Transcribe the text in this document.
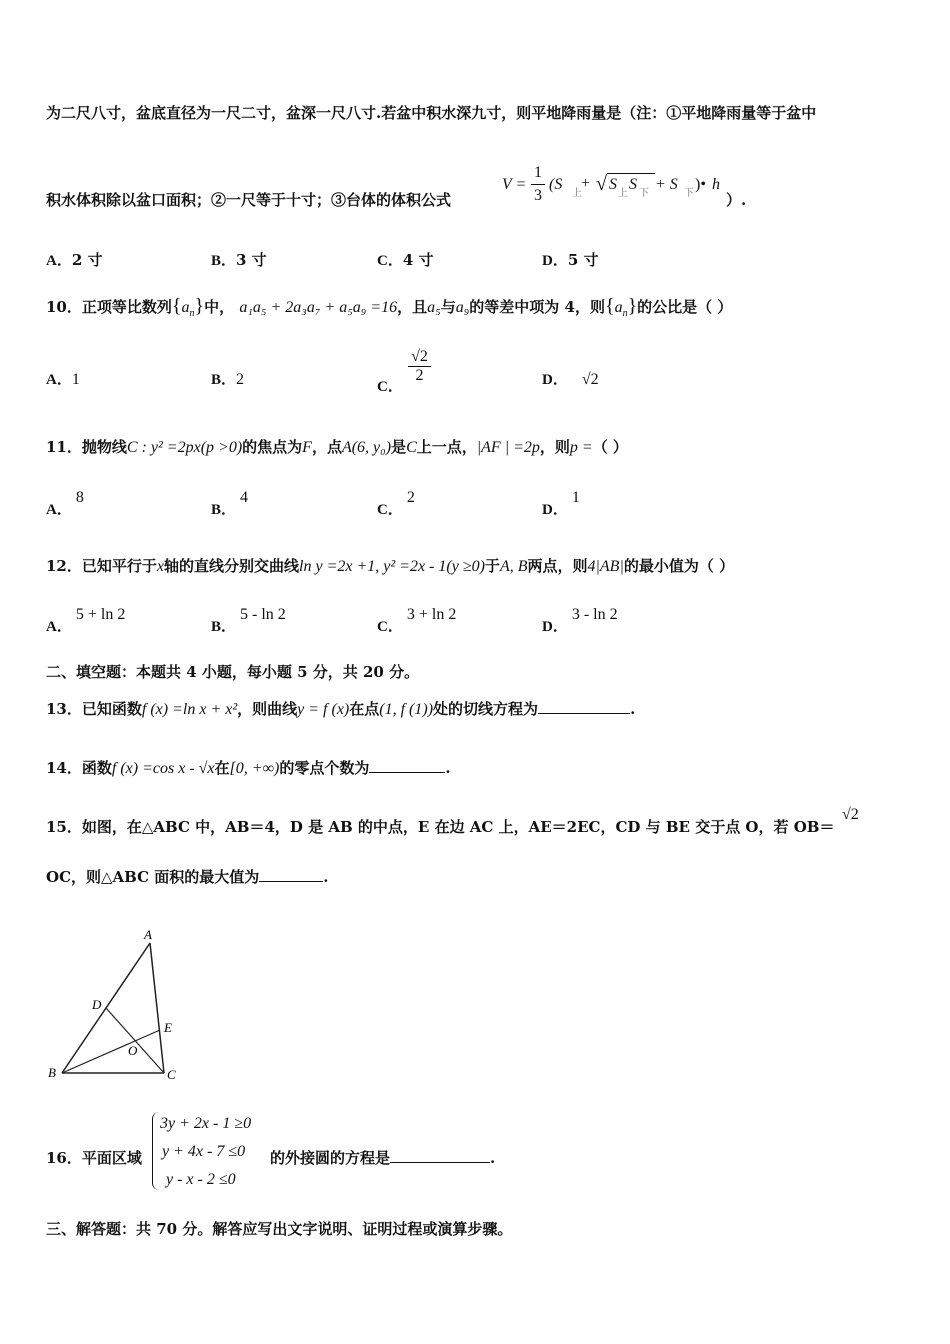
为二尺八寸，盆底直径为一尺二寸，盆深一尺八寸.若盆中积水深九寸，则平地降雨量是（注：①平地降雨量等于盆中
积水体积除以盆口面积；②一尺等于十寸；③台体的体积公式
V =
1
3
(S
上
+ √ S
上
S
下
+ S
下
)• h
）.
A．2 寸	B．3 寸	C．4 寸	D．5 寸
10．正项等比数列$\{a_n\}$中， a₁a₅ + 2a₃a₇ + a₅a₉ =16，且a₅与a₉的等差中项为 4，则$\{a_n\}$的公比是（ ）
A．1	B．2	C．
$\frac{√2}{2}$	D． √2
11．抛物线C : y² =2px(p >0)的焦点为F，点A(6, y₀)是C上一点，|AF | =2p，则p =（ ）
A．8
B．4
C．2
D．1
12．已知平行于x轴的直线分别交曲线ln y =2x +1, y² =2x - 1(y ≥0)于A, B两点，则4|AB|的最小值为（ ）
A．5 + ln 2
B．5 - ln 2
C．3 + ln 2
D．3 - ln 2
二、填空题：本题共 4 小题，每小题 5 分，共 20 分。
13．已知函数f (x) =ln x + x²，则曲线y = f (x)在点(1, f (1))处的切线方程为	.
14．函数f (x) =cos x - √x在[0, +∞)的零点个数为	.
15．如图，在△ABC 中，AB＝4，D 是 AB 的中点，E 在边 AC 上，AE＝2EC，CD 与 BE 交于点 O，若 OB＝
√2
OC，则△ABC 面积的最大值为	.
A
B	C
D
E
O
16．平面区域
3y + 2x - 1 ≥0
y + 4x - 7 ≤0
y - x - 2 ≤0
的外接圆的方程是	.
三、解答题：共 70 分。解答应写出文字说明、证明过程或演算步骤。
